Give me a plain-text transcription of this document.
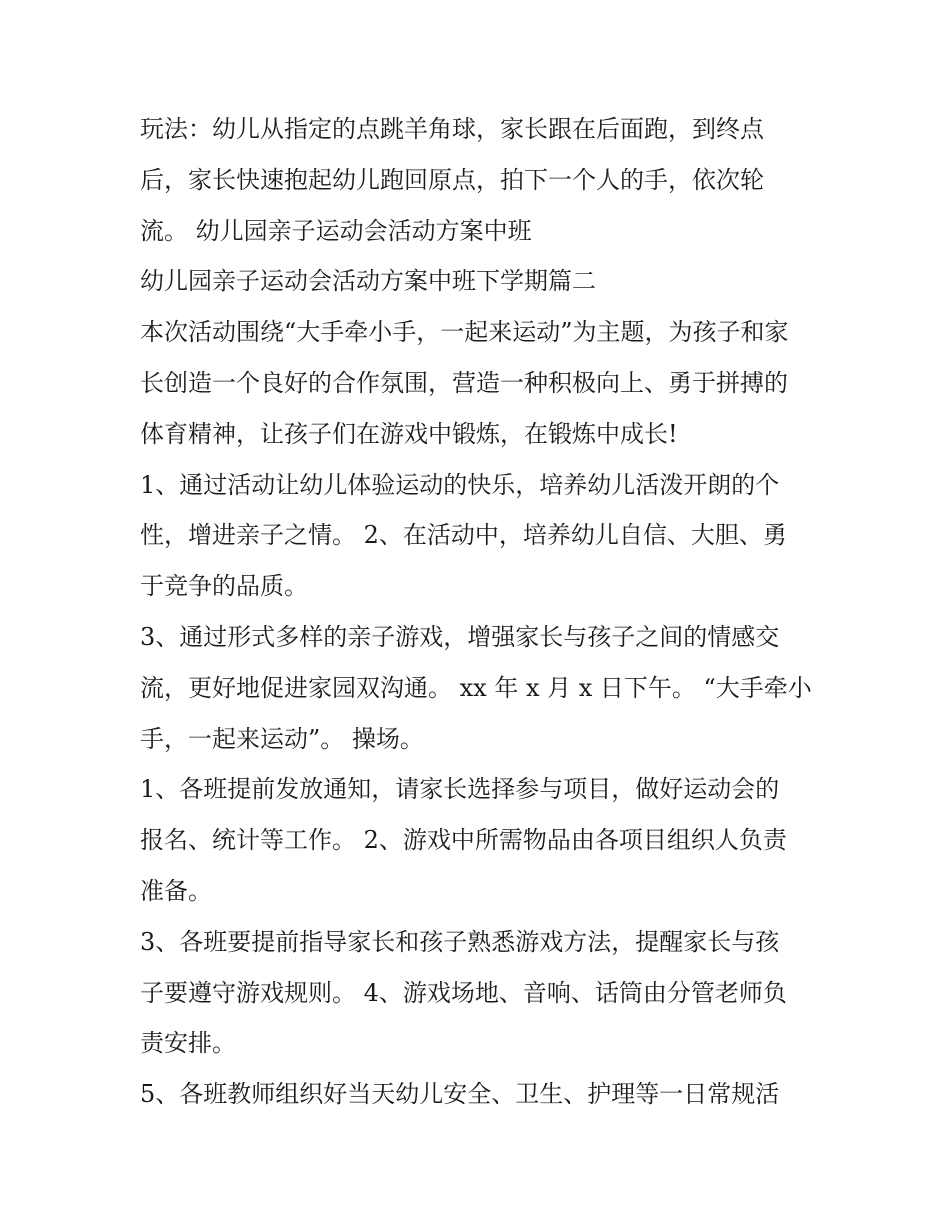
玩法：幼儿从指定的点跳羊角球，家长跟在后面跑，到终点
后，家长快速抱起幼儿跑回原点，拍下一个人的手，依次轮
流。 幼儿园亲子运动会活动方案中班
幼儿园亲子运动会活动方案中班下学期篇二
本次活动围绕“大手牵小手，一起来运动”为主题，为孩子和家
长创造一个良好的合作氛围，营造一种积极向上、勇于拼搏的
体育精神，让孩子们在游戏中锻炼，在锻炼中成长!
1、通过活动让幼儿体验运动的快乐，培养幼儿活泼开朗的个
性，增进亲子之情。 2、在活动中，培养幼儿自信、大胆、勇
于竞争的品质。
3、通过形式多样的亲子游戏，增强家长与孩子之间的情感交
流，更好地促进家园双沟通。 xx 年 x 月 x 日下午。 “大手牵小
手，一起来运动”。 操场。
1、各班提前发放通知，请家长选择参与项目，做好运动会的
报名、统计等工作。 2、游戏中所需物品由各项目组织人负责
准备。
3、各班要提前指导家长和孩子熟悉游戏方法，提醒家长与孩
子要遵守游戏规则。 4、游戏场地、音响、话筒由分管老师负
责安排。
5、各班教师组织好当天幼儿安全、卫生、护理等一日常规活
